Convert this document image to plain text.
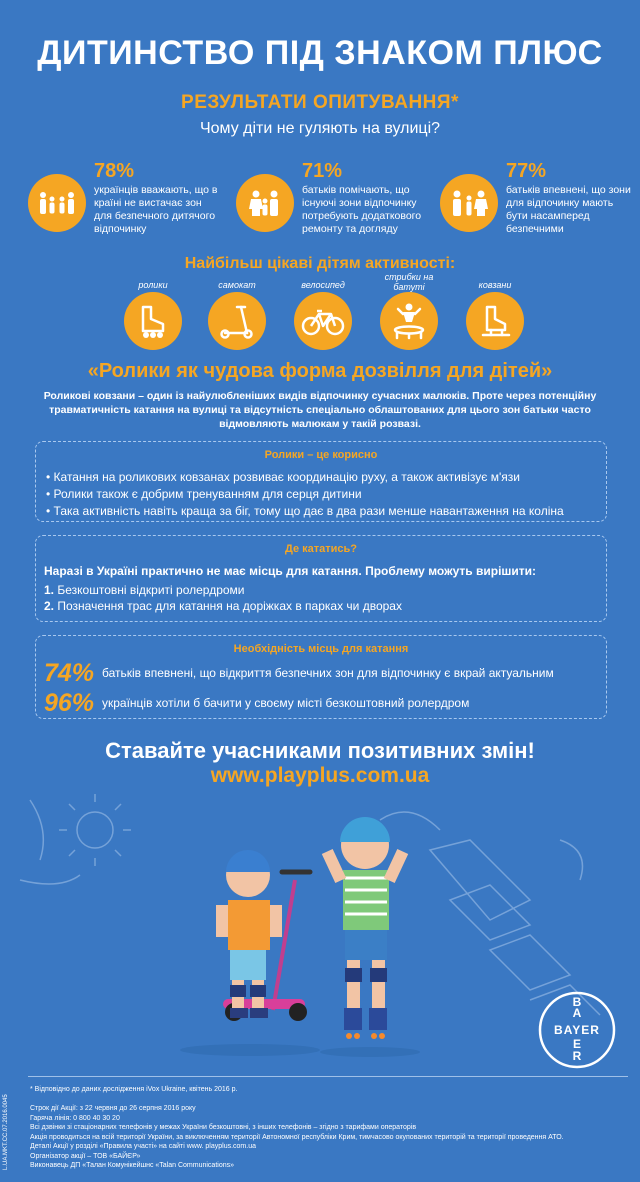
ДИТИНСТВО ПІД ЗНАКОМ ПЛЮС
РЕЗУЛЬТАТИ ОПИТУВАННЯ*
Чому діти не гуляють на вулиці?
78%
українців вважають, що в країні не вистачає зон для безпечного дитячого відпочинку
71%
батьків помічають, що існуючі зони відпочинку потребують додаткового ремонту та догляду
77%
батьків впевнені, що зони для відпочинку мають бути насамперед безпечними
Найбільш цікаві дітям активності:
ролики	самокат	велосипед
стрибки на батуті	ковзани
«Ролики як чудова форма дозвілля для дітей»
Роликові ковзани – один із найулюбленіших видів відпочинку сучасних малюків. Проте через потенційну травматичність катання на вулиці та відсутність спеціально облаштованих для цього зон батьки часто відмовляють малюкам у такій розвазі.
Ролики – це корисно
• Катання на роликових ковзанах розвиває координацію руху, а також активізує м'язи
• Ролики також є добрим тренуванням для серця дитини
• Така активність навіть краща за біг, тому що дає в два рази менше навантаження на коліна
Де кататись?
Наразі в Україні практично не має місць для катання. Проблему можуть вирішити:
1. Безкоштовні відкриті ролердроми
2. Позначення трас для катання на доріжках в парках чи дворах
Необхідність місць для катання
74% батьків впевнені, що відкриття безпечних зон для відпочинку є вкрай актуальним
96% українців хотіли б бачити у своєму місті безкоштовний ролердром
Ставайте учасниками позитивних змін!
www.playplus.com.ua
BAYER
B
A
E
R
* Відповідно до даних дослідження iVox Ukraine, квітень 2016 р.
Строк дії Акції: з 22 червня до 26 серпня 2016 року
Гаряча лінія: 0 800 40 30 20
Всі дзвінки зі стаціонарних телефонів у межах України безкоштовні, з інших телефонів – згідно з тарифами операторів
Акція проводиться на всій території України, за виключенням території Автономної республіки Крим, тимчасово окупованих територій та території проведення АТО.
Деталі Акції у розділі «Правила участі» на сайті www. playplus.com.ua
Організатор акції – ТОВ «БАЙЄР»
Виконавець ДП «Талан Комунікейшнс «Talan Communications»
L.UA.MKT.CC.07.2016.0045
